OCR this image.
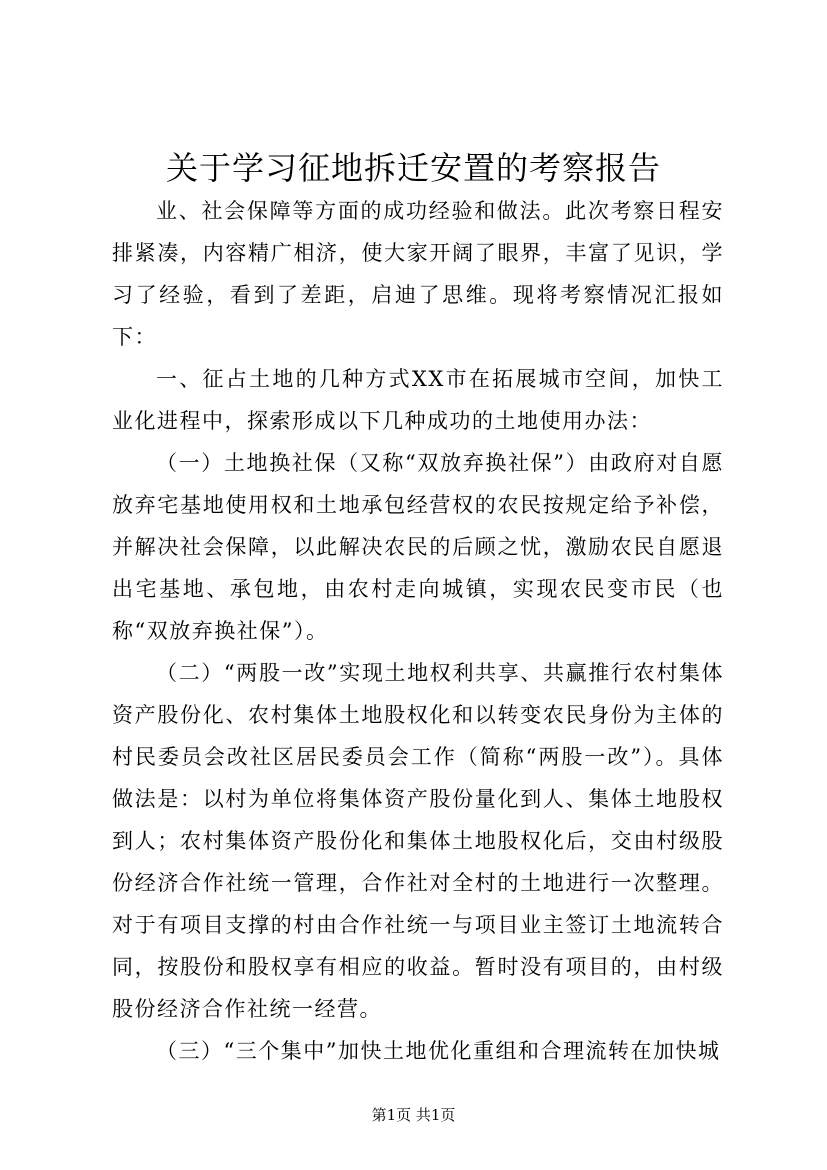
关于学习征地拆迁安置的考察报告

业、社会保障等方面的成功经验和做法。此次考察日程安排紧凑，内容精广相济，使大家开阔了眼界，丰富了见识，学习了经验，看到了差距，启迪了思维。现将考察情况汇报如下：

一、征占土地的几种方式XX市在拓展城市空间，加快工业化进程中，探索形成以下几种成功的土地使用办法：

（一）土地换社保（又称“双放弃换社保”）由政府对自愿放弃宅基地使用权和土地承包经营权的农民按规定给予补偿，并解决社会保障，以此解决农民的后顾之忧，激励农民自愿退出宅基地、承包地，由农村走向城镇，实现农民变市民（也称“双放弃换社保”）。

（二）“两股一改”实现土地权利共享、共赢推行农村集体资产股份化、农村集体土地股权化和以转变农民身份为主体的村民委员会改社区居民委员会工作（简称“两股一改”）。具体做法是：以村为单位将集体资产股份量化到人、集体土地股权到人；农村集体资产股份化和集体土地股权化后，交由村级股份经济合作社统一管理，合作社对全村的土地进行一次整理。对于有项目支撑的村由合作社统一与项目业主签订土地流转合同，按股份和股权享有相应的收益。暂时没有项目的，由村级股份经济合作社统一经营。

（三）“三个集中”加快土地优化重组和合理流转在加快城

第1页 共1页
